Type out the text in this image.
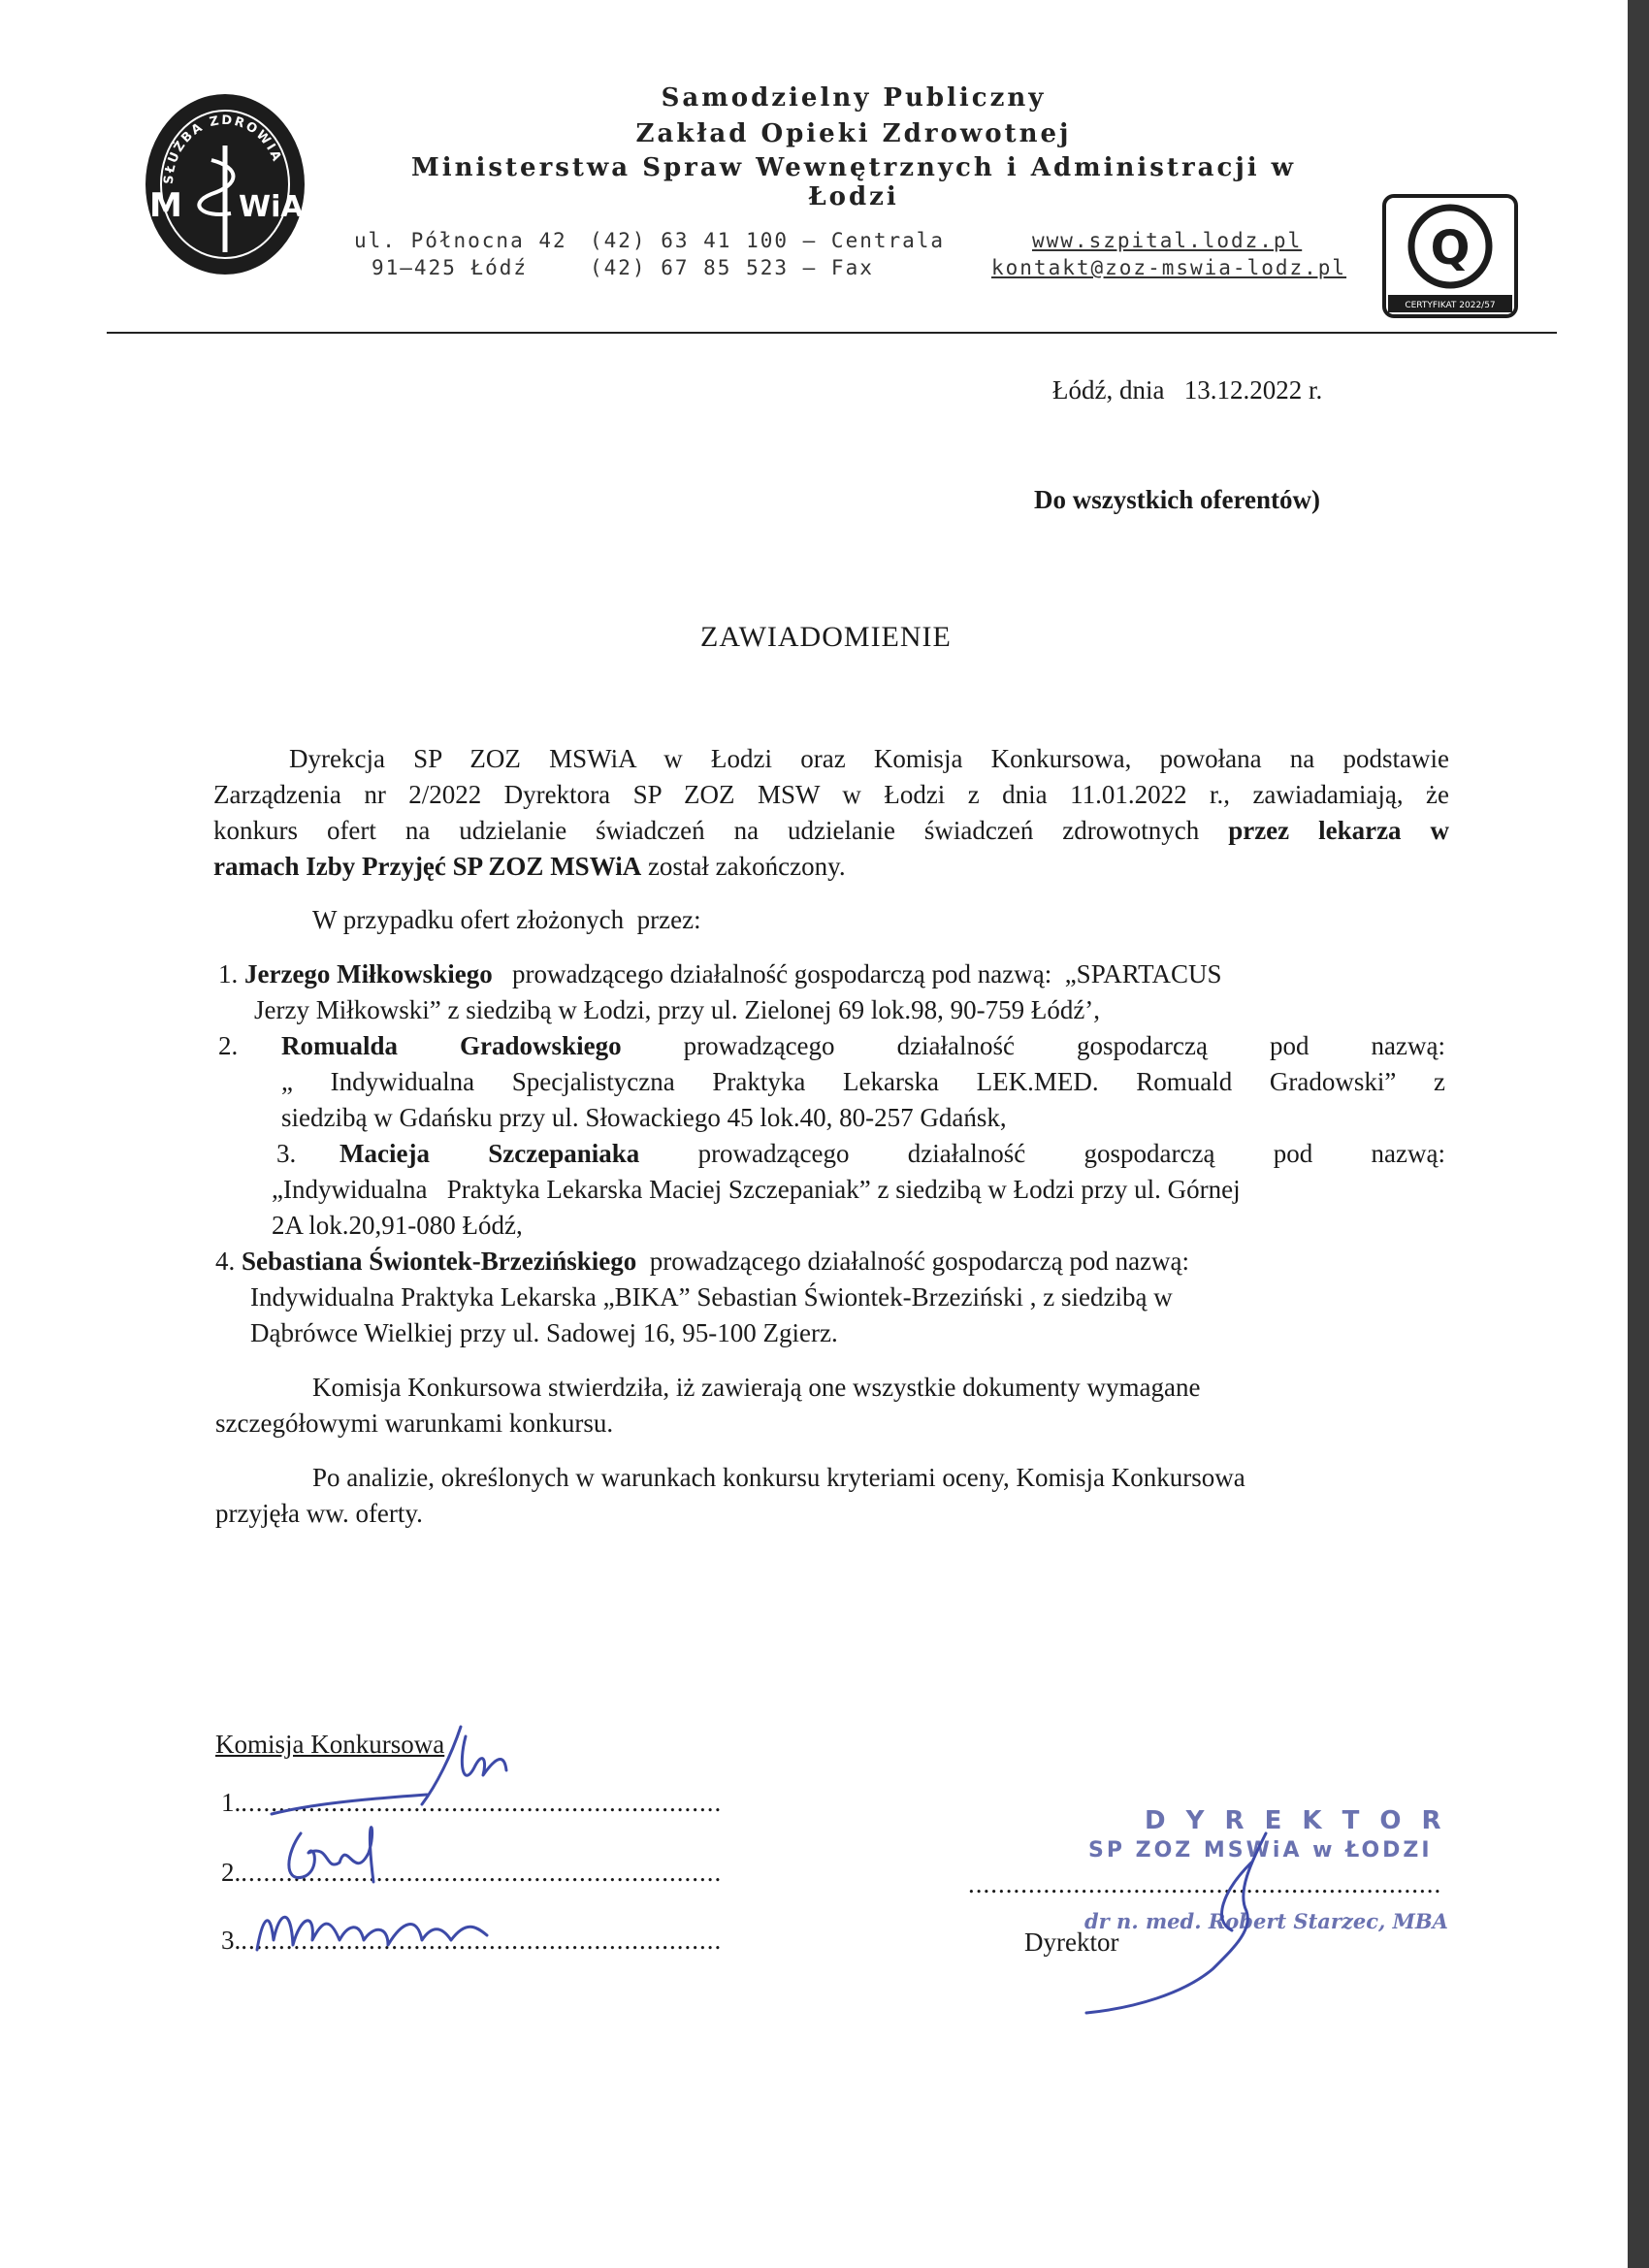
SŁUŻBA ZDROWIA
M WiA
Samodzielny Publiczny
Zakład Opieki Zdrowotnej
Ministerstwa Spraw Wewnętrznych i Administracji w Łodzi
ul. Północna 42
91–425 Łódź
(42) 63 41 100 – Centrala
(42) 67 85 523 – Fax
www.szpital.lodz.pl
kontakt@zoz-mswia-lodz.pl Q
CERTYFIKAT 2022/57
Łódź, dnia   13.12.2022 r.
Do wszystkich oferentów)
ZAWIADOMIENIE
Dyrekcja SP ZOZ MSWiA w Łodzi oraz Komisja Konkursowa, powołana na podstawie
Zarządzenia nr 2/2022 Dyrektora SP ZOZ MSW w Łodzi z dnia 11.01.2022 r., zawiadamiają, że
konkurs ofert na udzielanie świadczeń na udzielanie świadczeń zdrowotnych przez lekarza w
ramach Izby Przyjęć SP ZOZ MSWiA został zakończony.
W przypadku ofert złożonych  przez:
1. Jerzego Miłkowskiego prowadzącego działalność gospodarczą pod nazwą:  „SPARTACUS
Jerzy Miłkowski” z siedzibą w Łodzi, przy ul. Zielonej 69 lok.98, 90-759 Łódź’,
2. Romualda   Gradowskiego prowadzącego   działalność   gospodarczą   pod   nazwą:
„ Indywidualna Specjalistyczna Praktyka Lekarska LEK.MED. Romuald Gradowski” z
siedzibą w Gdańsku przy ul. Słowackiego 45 lok.40, 80-257 Gdańsk,
3. Macieja   Szczepaniaka prowadzącego   działalność   gospodarczą   pod   nazwą:
„Indywidualna   Praktyka Lekarska Maciej Szczepaniak” z siedzibą w Łodzi przy ul. Górnej
2A lok.20,91-080 Łódź,
4. Sebastiana Świontek-Brzezińskiego prowadzącego działalność gospodarczą pod nazwą:
Indywidualna Praktyka Lekarska „BIKA” Sebastian Świontek-Brzeziński , z siedzibą w
Dąbrówce Wielkiej przy ul. Sadowej 16, 95-100 Zgierz.
Komisja Konkursowa stwierdziła, iż zawierają one wszystkie dokumenty wymagane
szczegółowymi warunkami konkursu.
Po analizie, określonych w warunkach konkursu kryteriami oceny, Komisja Konkursowa
przyjęła ww. oferty.
Komisja Konkursowa
1.................................................................
2.................................................................
3.................................................................
D Y R E K T O R
SP ZOZ MSWiA w ŁODZI
...............................................................
dr n. med. Robert Starzec, MBA
Dyrektor
